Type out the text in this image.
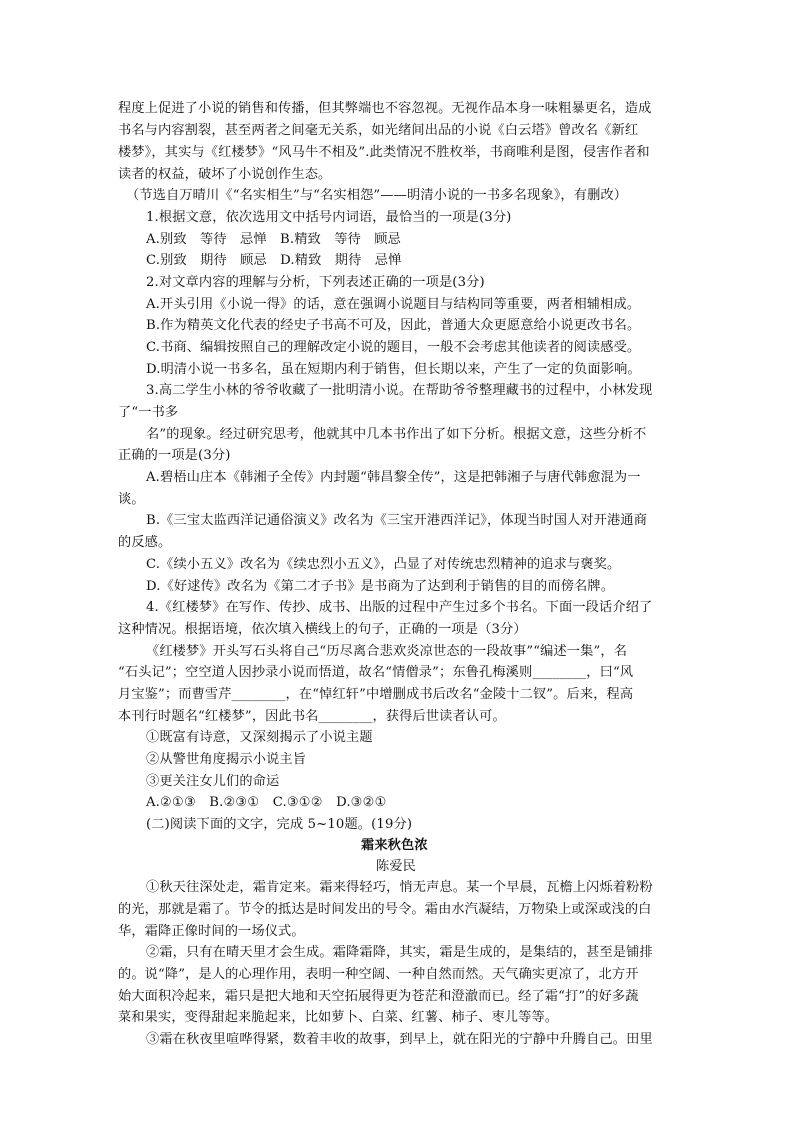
程度上促进了小说的销售和传播，但其弊端也不容忽视。无视作品本身一味粗暴更名，造成
书名与内容割裂，甚至两者之间毫无关系，如光绪间出品的小说《白云塔》曾改名《新红
楼梦》，其实与《红楼梦》“风马牛不相及”.此类情况不胜枚举，书商唯利是图，侵害作者和
读者的权益，破坏了小说创作生态。
（节选自万晴川《“名实相生”与“名实相怨”——明清小说的一书多名现象》，有删改）
1.根据文意，依次选用文中括号内词语，最恰当的一项是(3分)
A.别致　等待　忌惮　B.精致　等待　顾忌
C.别致　期待　顾忌　D.精致　期待　忌惮
2.对文章内容的理解与分析，下列表述正确的一项是(3分)
A.开头引用《小说一得》的话，意在强调小说题目与结构同等重要，两者相辅相成。
B.作为精英文化代表的经史子书高不可及，因此，普通大众更愿意给小说更改书名。
C.书商、编辑按照自己的理解改定小说的题目，一般不会考虑其他读者的阅读感受。
D.明清小说一书多名，虽在短期内利于销售，但长期以来，产生了一定的负面影响。
3.高二学生小林的爷爷收藏了一批明清小说。在帮助爷爷整理藏书的过程中，小林发现
了“一书多
名”的现象。经过研究思考，他就其中几本书作出了如下分析。根据文意，这些分析不
正确的一项是(3分)
A.碧梧山庄本《韩湘子全传》内封题“韩昌黎全传”，这是把韩湘子与唐代韩愈混为一
谈。
B.《三宝太监西洋记通俗演义》改名为《三宝开港西洋记》，体现当时国人对开港通商
的反感。
C.《续小五义》改名为《续忠烈小五义》，凸显了对传统忠烈精神的追求与褒奖。
D.《好逑传》改名为《第二才子书》是书商为了达到利于销售的目的而傍名牌。
4.《红楼梦》在写作、传抄、成书、出版的过程中产生过多个书名。下面一段话介绍了
这种情况。根据语境，依次填入横线上的句子，正确的一项是（3分）
《红楼梦》开头写石头将自己“历尽离合悲欢炎凉世态的一段故事”“编述一集”，名
“石头记”；空空道人因抄录小说而悟道，故名“情僧录”；东鲁孔梅溪则________，曰“风
月宝鉴”；而曹雪芹________，在“悼红轩”中增删成书后改名“金陵十二钗”。后来，程高
本刊行时题名“红楼梦”，因此书名________，获得后世读者认可。
①既富有诗意，又深刻揭示了小说主题
②从警世角度揭示小说主旨
③更关注女儿们的命运
A.②①③　B.②③①　C.③①②　D.③②①
(二)阅读下面的文字，完成 5~10题。(19分)
霜来秋色浓
陈爱民
①秋天往深处走，霜肯定来。霜来得轻巧，悄无声息。某一个早晨，瓦檐上闪烁着粉粉
的光，那就是霜了。节令的抵达是时间发出的号令。霜由水汽凝结，万物染上或深或浅的白
华，霜降正像时间的一场仪式。
②霜，只有在晴天里才会生成。霜降霜降，其实，霜是生成的，是集结的，甚至是铺排
的。说“降”，是人的心理作用，表明一种空阔、一种自然而然。天气确实更凉了，北方开
始大面积冷起来，霜只是把大地和天空拓展得更为苍茫和澄澈而已。经了霜“打”的好多蔬
菜和果实，变得甜起来脆起来，比如萝卜、白菜、红薯、柿子、枣儿等等。
③霜在秋夜里喧哗得紧，数着丰收的故事，到早上，就在阳光的宁静中升腾自己。田里
